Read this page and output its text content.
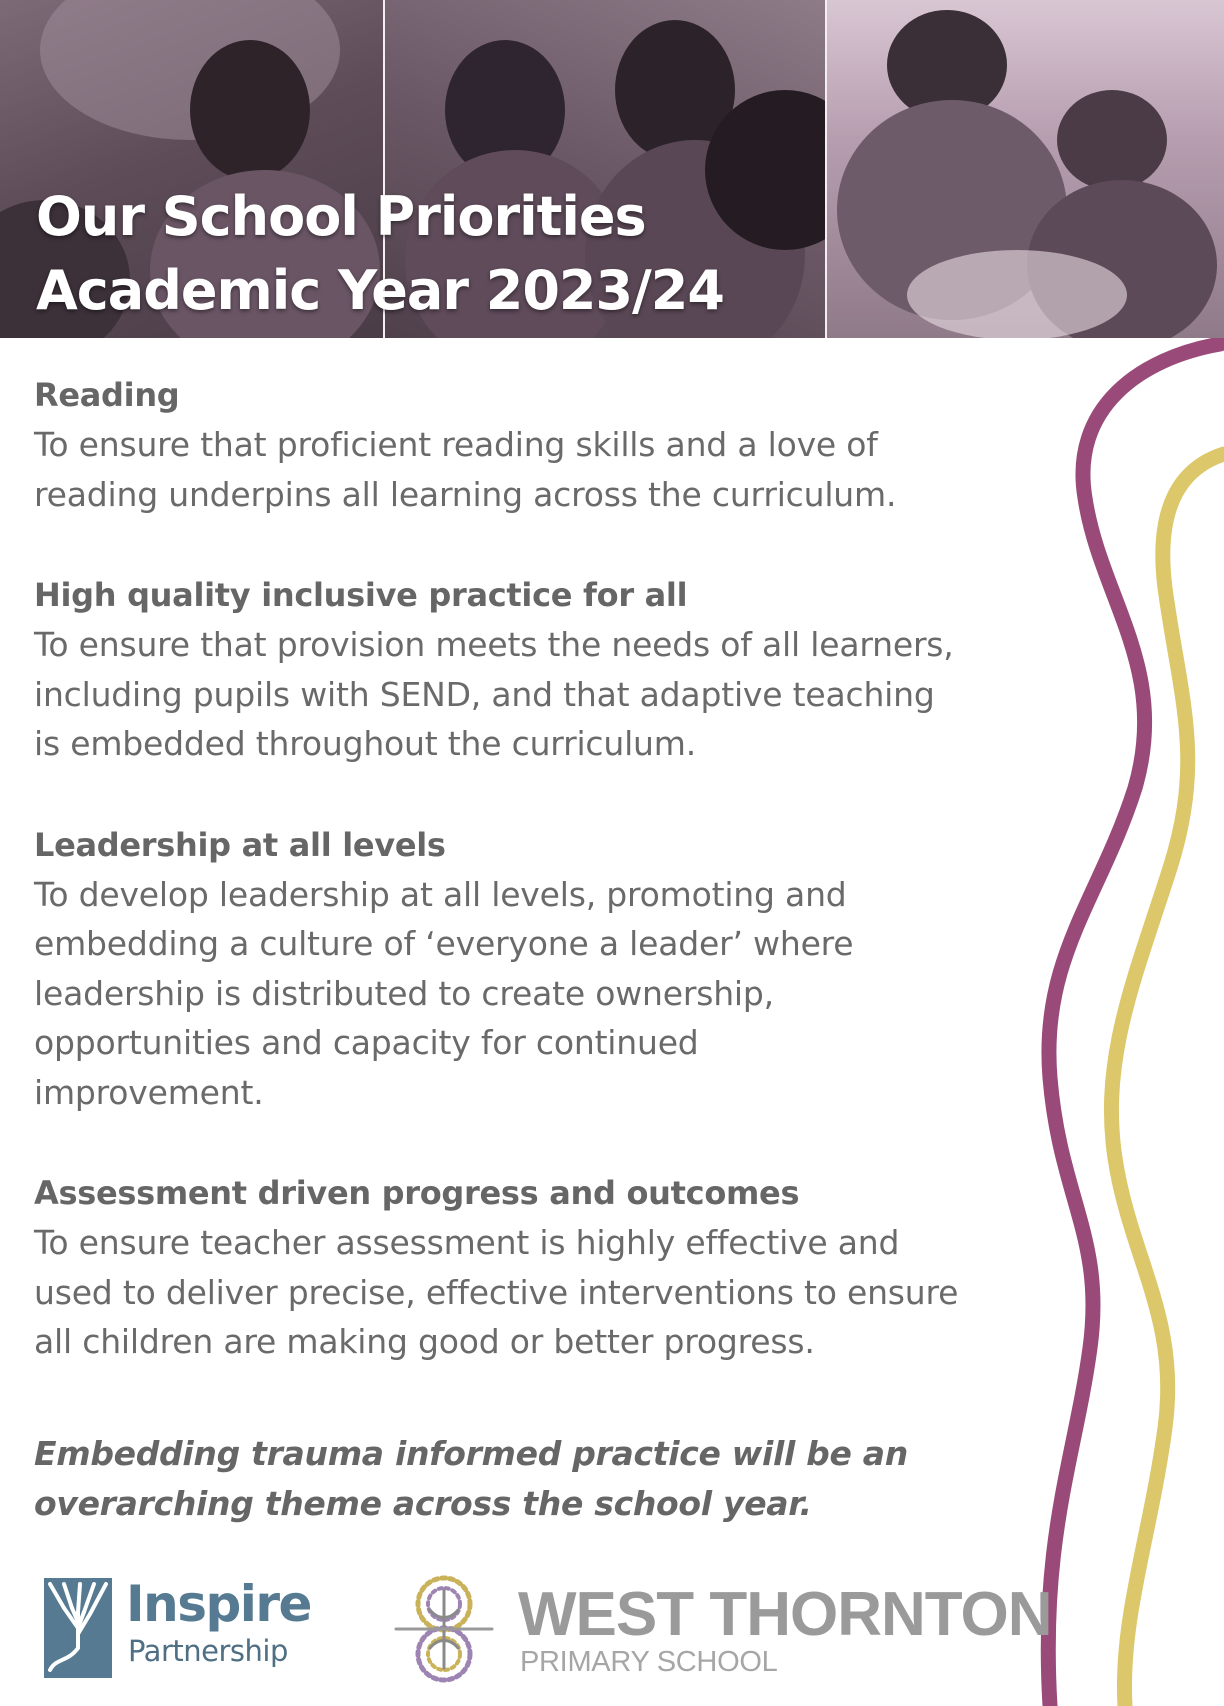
Our School Priorities
Academic Year 2023/24
Reading

To ensure that proficient reading skills and a love of

reading underpins all learning across the curriculum.

High quality inclusive practice for all

To ensure that provision meets the needs of all learners,

including pupils with SEND, and that adaptive teaching

is embedded throughout the curriculum.

Leadership at all levels

To develop leadership at all levels, promoting and

embedding a culture of ‘everyone a leader’ where

leadership is distributed to create ownership,

opportunities and capacity for continued

improvement.

Assessment driven progress and outcomes

To ensure teacher assessment is highly effective and

used to deliver precise, effective interventions to ensure

all children are making good or better progress.

Embedding trauma informed practice will be an
overarching theme across the school year.

Inspire
Partnership
WEST THORNTON
PRIMARY SCHOOL
